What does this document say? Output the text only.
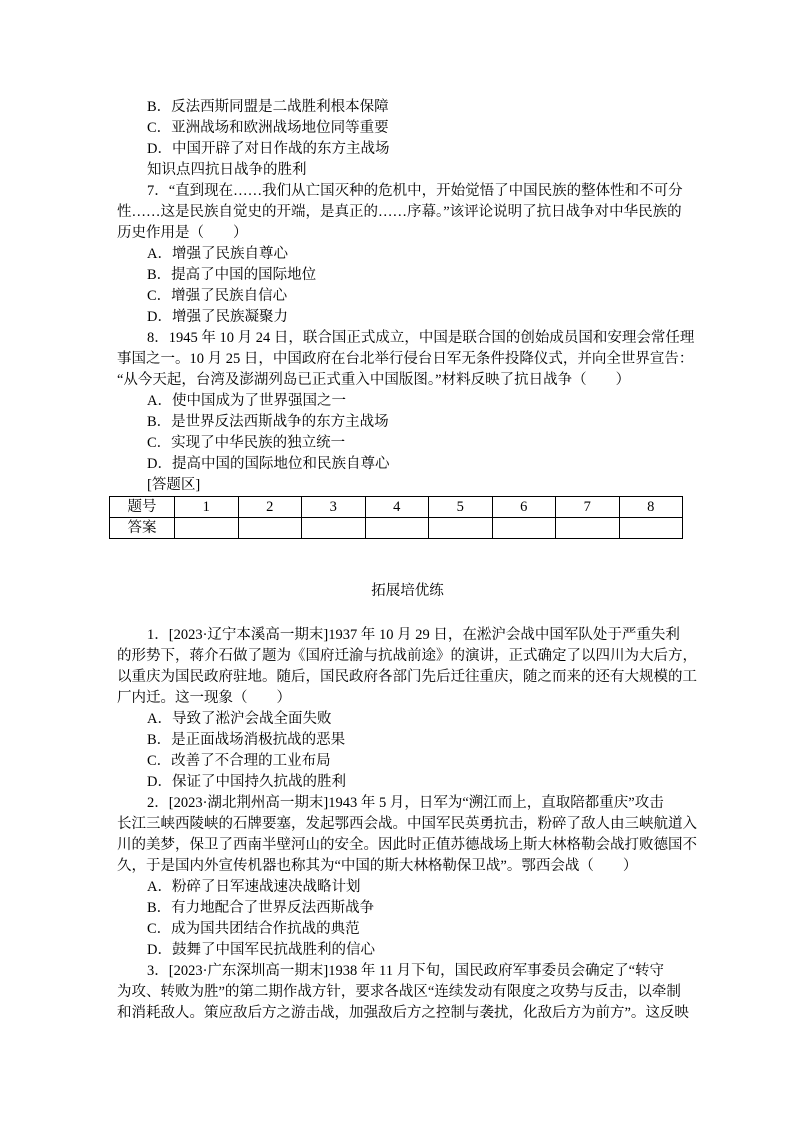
B．反法西斯同盟是二战胜利根本保障
C．亚洲战场和欧洲战场地位同等重要
D．中国开辟了对日作战的东方主战场
知识点四抗日战争的胜利
7．“直到现在……我们从亡国灭种的危机中，开始觉悟了中国民族的整体性和不可分
性……这是民族自觉史的开端，是真正的……序幕。”该评论说明了抗日战争对中华民族的
历史作用是（　　）
A．增强了民族自尊心
B．提高了中国的国际地位
C．增强了民族自信心
D．增强了民族凝聚力
8．1945 年 10 月 24 日，联合国正式成立，中国是联合国的创始成员国和安理会常任理
事国之一。10 月 25 日，中国政府在台北举行侵台日军无条件投降仪式，并向全世界宣告：
“从今天起，台湾及澎湖列岛已正式重入中国版图。”材料反映了抗日战争（　　）
A．使中国成为了世界强国之一
B．是世界反法西斯战争的东方主战场
C．实现了中华民族的独立统一
D．提高中国的国际地位和民族自尊心
[答题区]
题号	1	2	3	4	5	6	7	8
答案								
拓展培优练
1．[2023·辽宁本溪高一期末]1937 年 10 月 29 日，在淞沪会战中国军队处于严重失利
的形势下，蒋介石做了题为《国府迁渝与抗战前途》的演讲，正式确定了以四川为大后方，
以重庆为国民政府驻地。随后，国民政府各部门先后迁往重庆，随之而来的还有大规模的工
厂内迁。这一现象（　　）
A．导致了淞沪会战全面失败
B．是正面战场消极抗战的恶果
C．改善了不合理的工业布局
D．保证了中国持久抗战的胜利
2．[2023·湖北荆州高一期末]1943 年 5 月，日军为“溯江而上，直取陪都重庆”攻击
长江三峡西陵峡的石牌要塞，发起鄂西会战。中国军民英勇抗击，粉碎了敌人由三峡航道入
川的美梦，保卫了西南半壁河山的安全。因此时正值苏德战场上斯大林格勒会战打败德国不
久，于是国内外宣传机器也称其为“中国的斯大林格勒保卫战”。鄂西会战（　　）
A．粉碎了日军速战速决战略计划
B．有力地配合了世界反法西斯战争
C．成为国共团结合作抗战的典范
D．鼓舞了中国军民抗战胜利的信心
3．[2023·广东深圳高一期末]1938 年 11 月下旬，国民政府军事委员会确定了“转守
为攻、转败为胜”的第二期作战方针，要求各战区“连续发动有限度之攻势与反击，以牵制
和消耗敌人。策应敌后方之游击战，加强敌后方之控制与袭扰，化敌后方为前方”。这反映
